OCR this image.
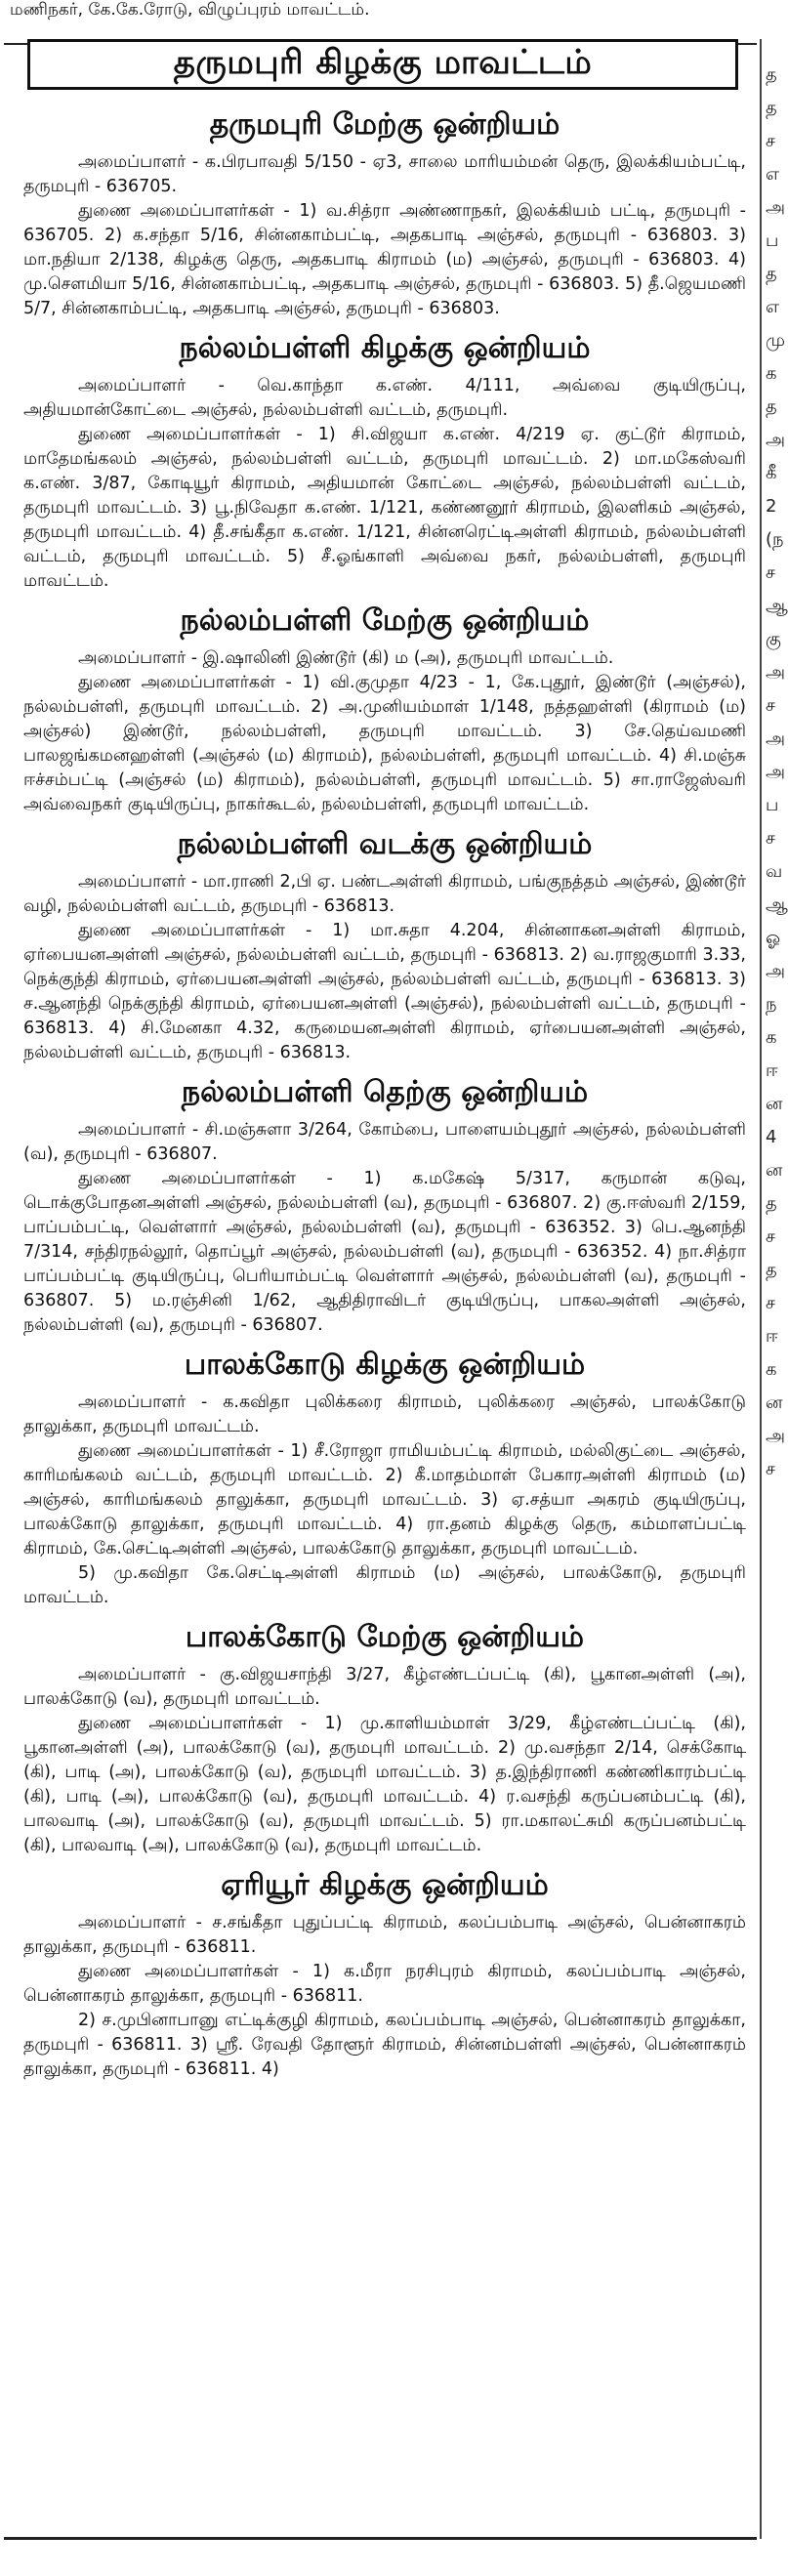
மணிநகர், கே.கே.ரோடு, விழுப்புரம் மாவட்டம்.
த
த
ச
எ
அ
ப
த
எ
மு
க
த
அ
கீ
2
(ந
ச
ஆ
கு
அ
ச
அ
அ
ப
ச
வ
ஆ
ஓ
அ
ந
க
ஈ
ன
4
ன
த
ச
த
ச
ஈ
க
ன
அ
ச
தருமபுரி கிழக்கு மாவட்டம்
தருமபுரி மேற்கு ஒன்றியம்

அமைப்பாளர் - க.பிரபாவதி 5/150 - ஏ3, சாலை மாரியம்மன் தெரு, இலக்கியம்பட்டி, தருமபுரி - 636705.

துணை அமைப்பாளர்கள் - 1) வ.சித்ரா அண்ணாநகர், இலக்கியம் பட்டி, தருமபுரி - 636705. 2) க.சந்தா 5/16, சின்னகாம்பட்டி, அதகபாடி அஞ்சல், தருமபுரி - 636803. 3) மா.நதியா 2/138, கிழக்கு தெரு, அதகபாடி கிராமம் (ம) அஞ்சல், தருமபுரி - 636803. 4) மு.சௌமியா 5/16, சின்னகாம்பட்டி, அதகபாடி அஞ்சல், தருமபுரி - 636803. 5) தீ.ஜெயமணி 5/7, சின்னகாம்பட்டி, அதகபாடி அஞ்சல், தருமபுரி - 636803.

நல்லம்பள்ளி கிழக்கு ஒன்றியம்

அமைப்பாளர் - வெ.காந்தா க.எண். 4/111, அவ்வை குடியிருப்பு, அதியமான்கோட்டை அஞ்சல், நல்லம்பள்ளி வட்டம், தருமபுரி.

துணை அமைப்பாளர்கள் - 1) சி.விஜயா க.எண். 4/219 ஏ. குட்டூர் கிராமம், மாதேமங்கலம் அஞ்சல், நல்லம்பள்ளி வட்டம், தருமபுரி மாவட்டம். 2) மா.மகேஸ்வரி க.எண். 3/87, கோடியூர் கிராமம், அதியமான் கோட்டை அஞ்சல், நல்லம்பள்ளி வட்டம், தருமபுரி மாவட்டம். 3) பூ.நிவேதா க.எண். 1/121, கண்ணனூர் கிராமம், இலளிகம் அஞ்சல், தருமபுரி மாவட்டம். 4) தீ.சங்கீதா க.எண். 1/121, சின்னரெட்டிஅள்ளி கிராமம், நல்லம்பள்ளி வட்டம், தருமபுரி மாவட்டம். 5) சீ.ஓங்காளி அவ்வை நகர், நல்லம்பள்ளி, தருமபுரி மாவட்டம்.

நல்லம்பள்ளி மேற்கு ஒன்றியம்

அமைப்பாளர் - இ.ஷாலினி இண்டூர் (கி) ம (அ), தருமபுரி மாவட்டம்.

துணை அமைப்பாளர்கள் - 1) வி.குமுதா 4/23 - 1, கே.புதூர், இண்டூர் (அஞ்சல்), நல்லம்பள்ளி, தருமபுரி மாவட்டம். 2) அ.முனியம்மாள் 1/148, நத்தஹள்ளி (கிராமம் (ம) அஞ்சல்) இண்டூர், நல்லம்பள்ளி, தருமபுரி மாவட்டம். 3) சே.தெய்வமணி பாலஜங்கமனஹள்ளி (அஞ்சல் (ம) கிராமம்), நல்லம்பள்ளி, தருமபுரி மாவட்டம். 4) சி.மஞ்சு ஈச்சம்பட்டி (அஞ்சல் (ம) கிராமம்), நல்லம்பள்ளி, தருமபுரி மாவட்டம். 5) சா.ராஜேஸ்வரி அவ்வைநகர் குடியிருப்பு, நாகர்கூடல், நல்லம்பள்ளி, தருமபுரி மாவட்டம்.

நல்லம்பள்ளி வடக்கு ஒன்றியம்

அமைப்பாளர் - மா.ராணி 2,பி ஏ. பண்டஅள்ளி கிராமம், பங்குநத்தம் அஞ்சல், இண்டூர் வழி, நல்லம்பள்ளி வட்டம், தருமபுரி - 636813.

துணை அமைப்பாளர்கள் - 1) மா.சுதா 4.204, சின்னாகனஅள்ளி கிராமம், ஏர்பையனஅள்ளி அஞ்சல், நல்லம்பள்ளி வட்டம், தருமபுரி - 636813. 2) வ.ராஜகுமாரி 3.33, நெக்குந்தி கிராமம், ஏர்பையனஅள்ளி அஞ்சல், நல்லம்பள்ளி வட்டம், தருமபுரி - 636813. 3) ச.ஆனந்தி நெக்குந்தி கிராமம், ஏர்பையனஅள்ளி (அஞ்சல்), நல்லம்பள்ளி வட்டம், தருமபுரி - 636813. 4) சி.மேனகா 4.32, கருமையனஅள்ளி கிராமம், ஏர்பையனஅள்ளி அஞ்சல், நல்லம்பள்ளி வட்டம், தருமபுரி - 636813.

நல்லம்பள்ளி தெற்கு ஒன்றியம்

அமைப்பாளர் - சி.மஞ்சுளா 3/264, கோம்பை, பாளையம்புதூர் அஞ்சல், நல்லம்பள்ளி (வ), தருமபுரி - 636807.

துணை அமைப்பாளர்கள் - 1) க.மகேஷ் 5/317, கருமான் கடுவு, டொக்குபோதனஅள்ளி அஞ்சல், நல்லம்பள்ளி (வ), தருமபுரி - 636807. 2) கு.ஈஸ்வரி 2/159, பாப்பம்பட்டி, வெள்ளார் அஞ்சல், நல்லம்பள்ளி (வ), தருமபுரி - 636352. 3) பெ.ஆனந்தி 7/314, சந்திரநல்லூர், தொப்பூர் அஞ்சல், நல்லம்பள்ளி (வ), தருமபுரி - 636352. 4) நா.சித்ரா பாப்பம்பட்டி குடியிருப்பு, பெரியாம்பட்டி வெள்ளார் அஞ்சல், நல்லம்பள்ளி (வ), தருமபுரி - 636807. 5) ம.ரஞ்சினி 1/62, ஆதிதிராவிடர் குடியிருப்பு, பாகலஅள்ளி அஞ்சல், நல்லம்பள்ளி (வ), தருமபுரி - 636807.

பாலக்கோடு கிழக்கு ஒன்றியம்

அமைப்பாளர் - க.கவிதா புலிக்கரை கிராமம், புலிக்கரை அஞ்சல், பாலக்கோடு தாலுக்கா, தருமபுரி மாவட்டம்.

துணை அமைப்பாளர்கள் - 1) சீ.ரோஜா ராமியம்பட்டி கிராமம், மல்லிகுட்டை அஞ்சல், காரிமங்கலம் வட்டம், தருமபுரி மாவட்டம். 2) கீ.மாதம்மாள் பேகாரஅள்ளி கிராமம் (ம) அஞ்சல், காரிமங்கலம் தாலுக்கா, தருமபுரி மாவட்டம். 3) ஏ.சத்யா அகரம் குடியிருப்பு, பாலக்கோடு தாலுக்கா, தருமபுரி மாவட்டம். 4) ரா.தனம் கிழக்கு தெரு, கம்மாளப்பட்டி கிராமம், கே.செட்டிஅள்ளி அஞ்சல், பாலக்கோடு தாலுக்கா, தருமபுரி மாவட்டம்.

5) மு.கவிதா கே.செட்டிஅள்ளி கிராமம் (ம) அஞ்சல், பாலக்கோடு, தருமபுரி மாவட்டம்.

பாலக்கோடு மேற்கு ஒன்றியம்

அமைப்பாளர் - கு.விஜயசாந்தி 3/27, கீழ்எண்டப்பட்டி (கி), பூகானஅள்ளி (அ), பாலக்கோடு (வ), தருமபுரி மாவட்டம்.

துணை அமைப்பாளர்கள் - 1) மு.காளியம்மாள் 3/29, கீழ்எண்டப்பட்டி (கி), பூகானஅள்ளி (அ), பாலக்கோடு (வ), தருமபுரி மாவட்டம். 2) மு.வசந்தா 2/14, செக்கோடி (கி), பாடி (அ), பாலக்கோடு (வ), தருமபுரி மாவட்டம். 3) த.இந்திராணி கண்ணிகாரம்பட்டி (கி), பாடி (அ), பாலக்கோடு (வ), தருமபுரி மாவட்டம். 4) ர.வசந்தி கருப்பனம்பட்டி (கி), பாலவாடி (அ), பாலக்கோடு (வ), தருமபுரி மாவட்டம். 5) ரா.மகாலட்சுமி கருப்பனம்பட்டி (கி), பாலவாடி (அ), பாலக்கோடு (வ), தருமபுரி மாவட்டம்.

ஏரியூர் கிழக்கு ஒன்றியம்

அமைப்பாளர் - ச.சங்கீதா புதுப்பட்டி கிராமம், கலப்பம்பாடி அஞ்சல், பென்னாகரம் தாலுக்கா, தருமபுரி - 636811.

துணை அமைப்பாளர்கள் - 1) க.மீரா நரசிபுரம் கிராமம், கலப்பம்பாடி அஞ்சல், பென்னாகரம் தாலுக்கா, தருமபுரி - 636811.

2) ச.முபினாபானு எட்டிக்குழி கிராமம், கலப்பம்பாடி அஞ்சல், பென்னாகரம் தாலுக்கா, தருமபுரி - 636811. 3) ஸ்ரீ. ரேவதி தோளூர் கிராமம், சின்னம்பள்ளி அஞ்சல், பென்னாகரம் தாலுக்கா, தருமபுரி - 636811. 4)
